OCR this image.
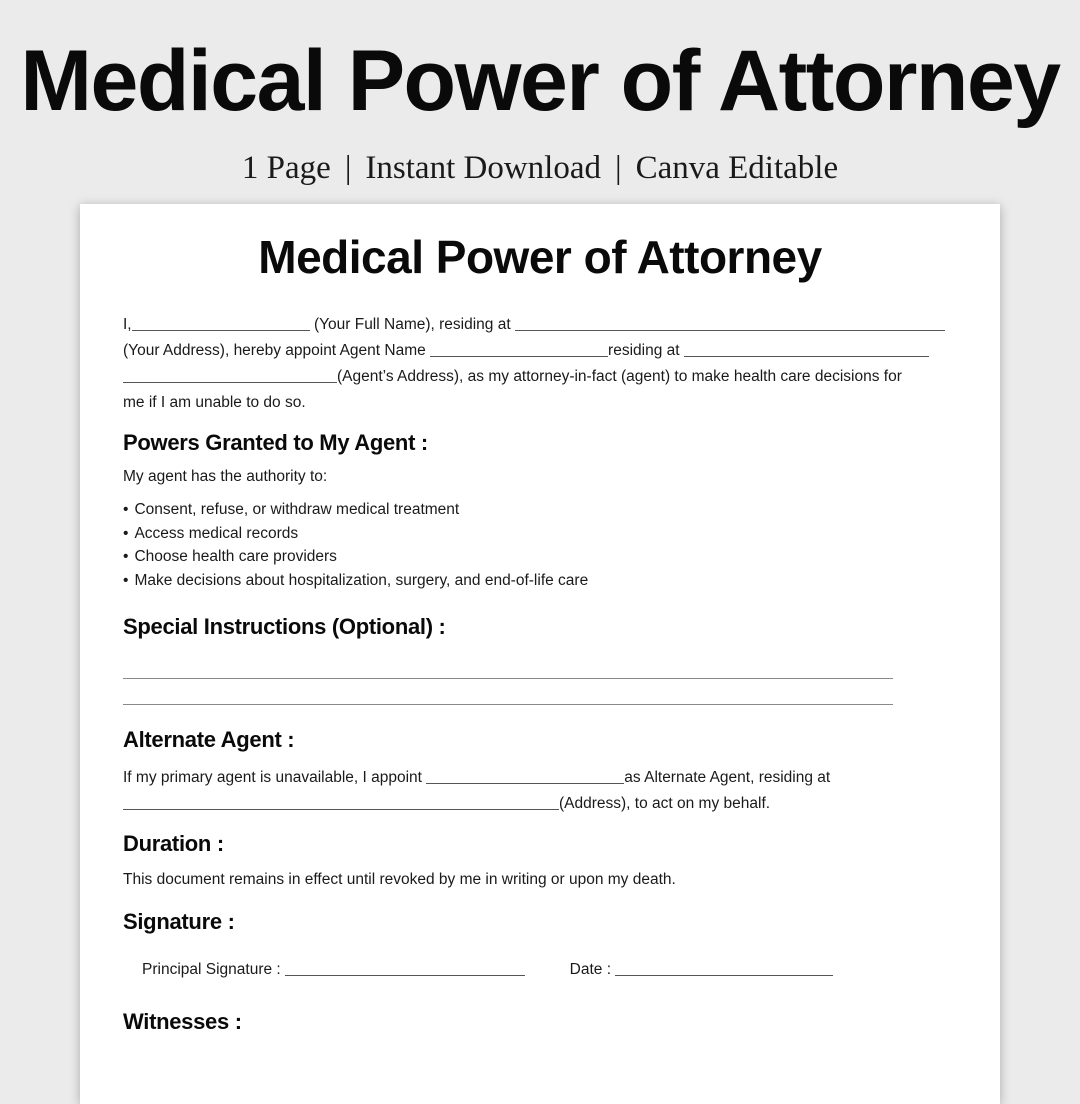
Medical Power of Attorney
1 Page | Instant Download | Canva Editable
Medical Power of Attorney
I,	(Your Full Name), residing at
(Your Address), hereby appoint Agent Name	residing at
(Agent’s Address), as my attorney-in-fact (agent) to make health care decisions for
me if I am unable to do so.
Powers Granted to My Agent :
My agent has the authority to:
• Consent, refuse, or withdraw medical treatment
• Access medical records
• Choose health care providers
• Make decisions about hospitalization, surgery, and end-of-life care
Special Instructions (Optional) :
Alternate Agent :
If my primary agent is unavailable, I appoint	as Alternate Agent, residing at
(Address), to act on my behalf.
Duration :
This document remains in effect until revoked by me in writing or upon my death.
Signature :
Principal Signature :	Date :
Witnesses :
